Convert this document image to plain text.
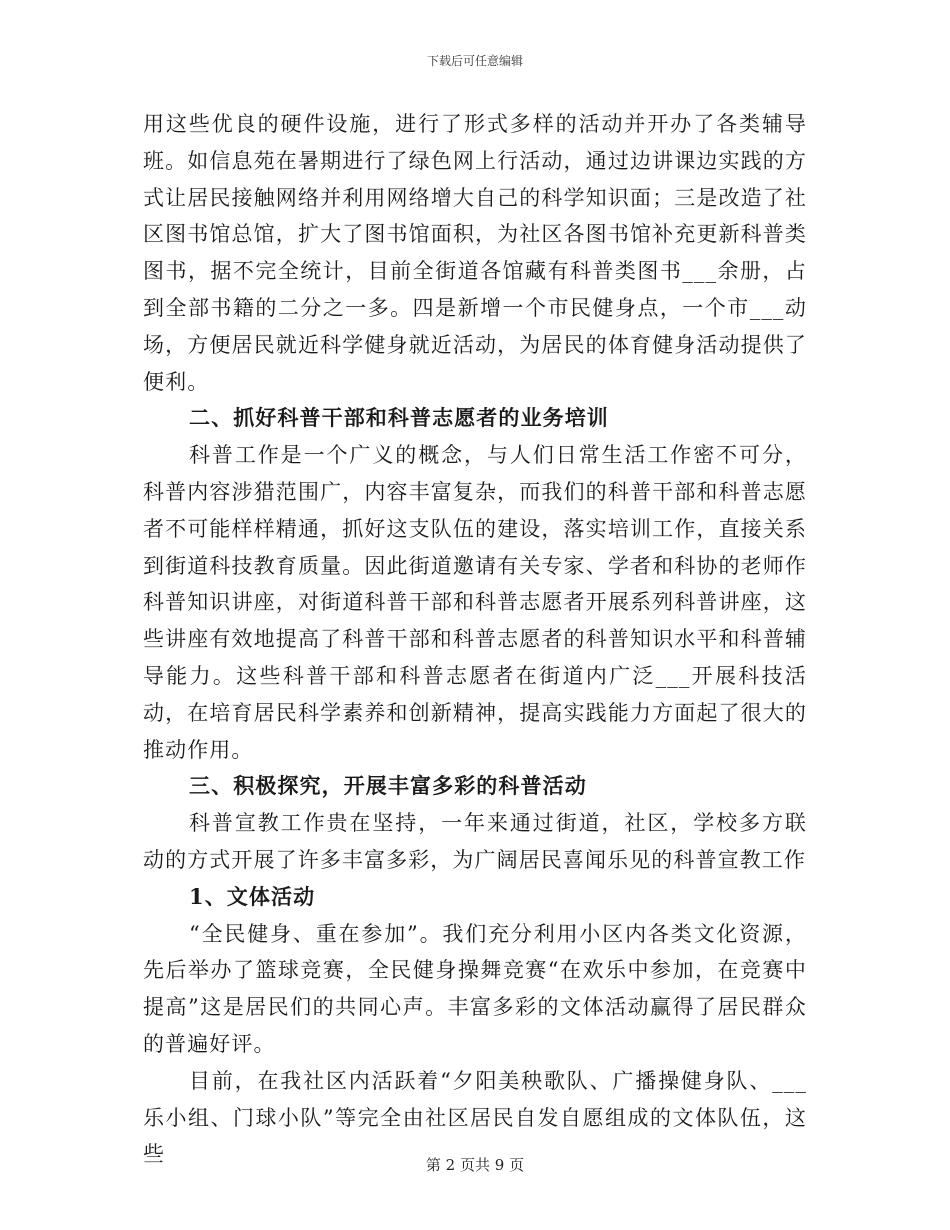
下载后可任意编辑

用这些优良的硬件设施，进行了形式多样的活动并开办了各类辅导班。如信息苑在暑期进行了绿色网上行活动，通过边讲课边实践的方式让居民接触网络并利用网络增大自己的科学知识面；三是改造了社区图书馆总馆，扩大了图书馆面积，为社区各图书馆补充更新科普类图书，据不完全统计，目前全街道各馆藏有科普类图书___余册，占到全部书籍的二分之一多。四是新增一个市民健身点，一个市___动场，方便居民就近科学健身就近活动，为居民的体育健身活动提供了便利。

二、抓好科普干部和科普志愿者的业务培训

科普工作是一个广义的概念，与人们日常生活工作密不可分，科普内容涉猎范围广，内容丰富复杂，而我们的科普干部和科普志愿者不可能样样精通，抓好这支队伍的建设，落实培训工作，直接关系到街道科技教育质量。因此街道邀请有关专家、学者和科协的老师作科普知识讲座，对街道科普干部和科普志愿者开展系列科普讲座，这些讲座有效地提高了科普干部和科普志愿者的科普知识水平和科普辅导能力。这些科普干部和科普志愿者在街道内广泛___开展科技活动，在培育居民科学素养和创新精神，提高实践能力方面起了很大的推动作用。

三、积极探究，开展丰富多彩的科普活动

科普宣教工作贵在坚持，一年来通过街道，社区，学校多方联动的方式开展了许多丰富多彩，为广阔居民喜闻乐见的科普宣教工作

1、文体活动

“全民健身、重在参加”。我们充分利用小区内各类文化资源，先后举办了篮球竞赛，全民健身操舞竞赛“在欢乐中参加，在竞赛中提高”这是居民们的共同心声。丰富多彩的文体活动赢得了居民群众的普遍好评。

目前，在我社区内活跃着“夕阳美秧歌队、广播操健身队、___乐小组、门球小队”等完全由社区居民自发自愿组成的文体队伍，这些	第 2 页共 9 页
